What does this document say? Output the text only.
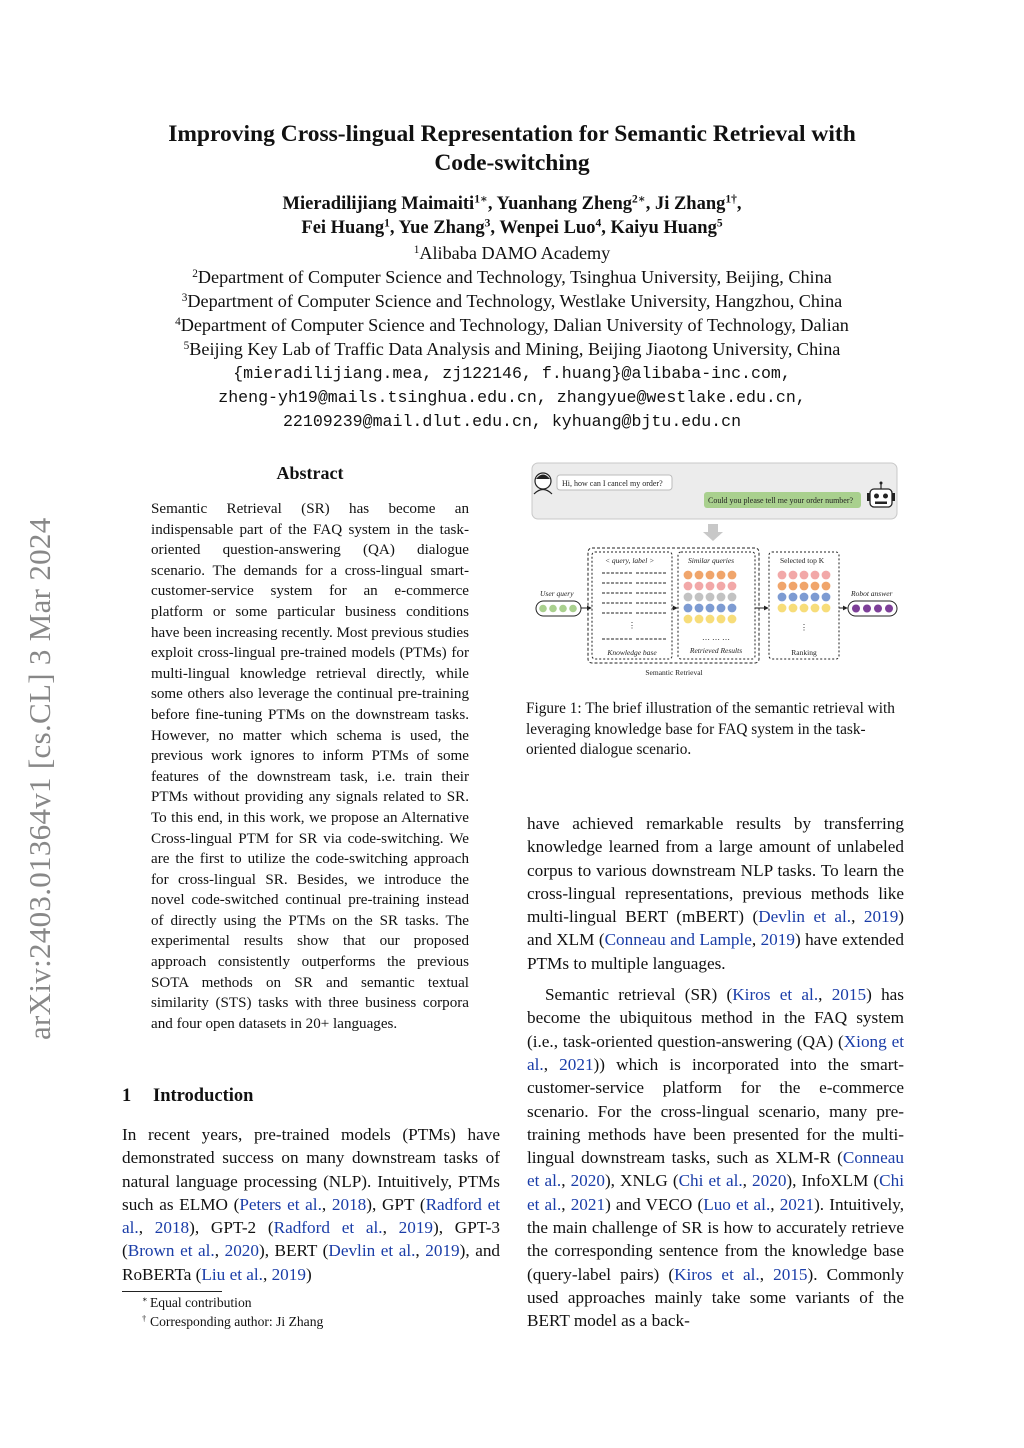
Improving Cross-lingual Representation for Semantic Retrieval with
Code-switching
Mieradilijiang Maimaiti$^{1∗}$, Yuanhang Zheng$^{2∗}$, Ji Zhang$^{1\dagger}$,
Fei Huang$^1$, Yue Zhang$^3$, Wenpei Luo$^4$, Kaiyu Huang$^5$
$^1$Alibaba DAMO Academy
$^2$Department of Computer Science and Technology, Tsinghua University, Beijing, China
$^3$Department of Computer Science and Technology, Westlake University, Hangzhou, China
$^4$Department of Computer Science and Technology, Dalian University of Technology, Dalian
$^5$Beijing Key Lab of Traffic Data Analysis and Mining, Beijing Jiaotong University, China
{mieradilijiang.mea, zj122146, f.huang}@alibaba-inc.com,
zheng-yh19@mails.tsinghua.edu.cn, zhangyue@westlake.edu.cn,
22109239@mail.dlut.edu.cn, kyhuang@bjtu.edu.cn
arXiv:2403.01364v1 [cs.CL] 3 Mar 2024
Abstract
Semantic Retrieval (SR) has become an indispensable part of the FAQ system in the task-oriented question-answering (QA) dialogue scenario. The demands for a cross-lingual smart-customer-service system for an e-commerce platform or some particular business conditions have been increasing recently. Most previous studies exploit cross-lingual pre-trained models (PTMs) for multi-lingual knowledge retrieval directly, while some others also leverage the continual pre-training before fine-tuning PTMs on the downstream tasks. However, no matter which schema is used, the previous work ignores to inform PTMs of some features of the downstream task, i.e. train their PTMs without providing any signals related to SR. To this end, in this work, we propose an Alternative Cross-lingual PTM for SR via code-switching. We are the first to utilize the code-switching approach for cross-lingual SR. Besides, we introduce the novel code-switched continual pre-training instead of directly using the PTMs on the SR tasks. The experimental results show that our proposed approach consistently outperforms the previous SOTA methods on SR and semantic textual similarity (STS) tasks with three business corpora and four open datasets in 20+ languages.
1 Introduction
In recent years, pre-trained models (PTMs) have demonstrated success on many downstream tasks of natural language processing (NLP). Intuitively, PTMs such as ELMO (Peters et al., 2018), GPT (Radford et al., 2018), GPT-2 (Radford et al., 2019), GPT-3 (Brown et al., 2020), BERT (Devlin et al., 2019), and RoBERTa (Liu et al., 2019)
∗ Equal contribution
† Corresponding author: Ji Zhang
Hi, how can I cancel my order?
Could you please tell me your order number?
< query, label >
⋮
Similar queries
… … …
Selected top K
⋮
User query	Robot answer
Knowledge base	Retrieved Results	Ranking
Semantic Retrieval
Figure 1: The brief illustration of the semantic retrieval with leveraging knowledge base for FAQ system in the task-oriented dialogue scenario.

have achieved remarkable results by transferring knowledge learned from a large amount of unlabeled corpus to various downstream NLP tasks. To learn the cross-lingual representations, previous methods like multi-lingual BERT (mBERT) (Devlin et al., 2019) and XLM (Conneau and Lample, 2019) have extended PTMs to multiple languages.

Semantic retrieval (SR) (Kiros et al., 2015) has become the ubiquitous method in the FAQ system (i.e., task-oriented question-answering (QA) (Xiong et al., 2021)) which is incorporated into the smart-customer-service platform for the e-commerce scenario. For the cross-lingual scenario, many pre-training methods have been presented for the multi-lingual downstream tasks, such as XLM-R (Conneau et al., 2020), XNLG (Chi et al., 2020), InfoXLM (Chi et al., 2021) and VECO (Luo et al., 2021). Intuitively, the main challenge of SR is how to accurately retrieve the corresponding sentence from the knowledge base (query-label pairs) (Kiros et al., 2015). Commonly used approaches mainly take some variants of the BERT model as a back-
